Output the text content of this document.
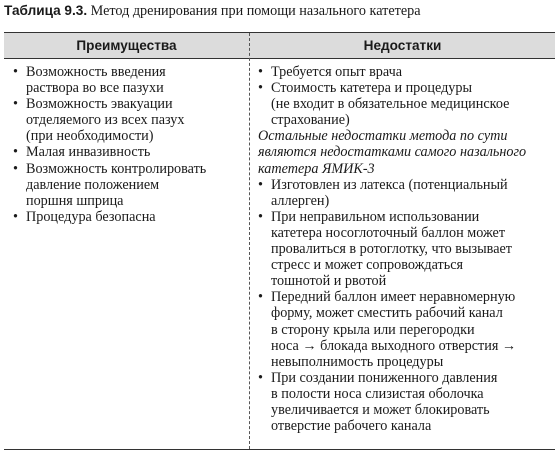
Таблица 9.3. Метод дренирования при помощи назального катетера
Преимущества	Недостатки
• Возможность введения
раствора во все пазухи
• Возможность эвакуации
отделяемого из всех пазух
(при необходимости)
• Малая инвазивность
• Возможность контролировать
давление положением
поршня шприца
• Процедура безопасна
• Требуется опыт врача
• Стоимость катетера и процедуры
(не входит в обязательное медицинское
страхование)
Остальные недостатки метода по сути
являются недостатками самого назального
катетера ЯМИК-3
• Изготовлен из латекса (потенциальный
аллерген)
• При неправильном использовании
катетера носоглоточный баллон может
провалиться в ротоглотку, что вызывает
стресс и может сопровождаться
тошнотой и рвотой
• Передний баллон имеет неравномерную
форму, может сместить рабочий канал
в сторону крыла или перегородки
носа → блокада выходного отверстия →
невыполнимость процедуры
• При создании пониженного давления
в полости носа слизистая оболочка
увеличивается и может блокировать
отверстие рабочего канала
